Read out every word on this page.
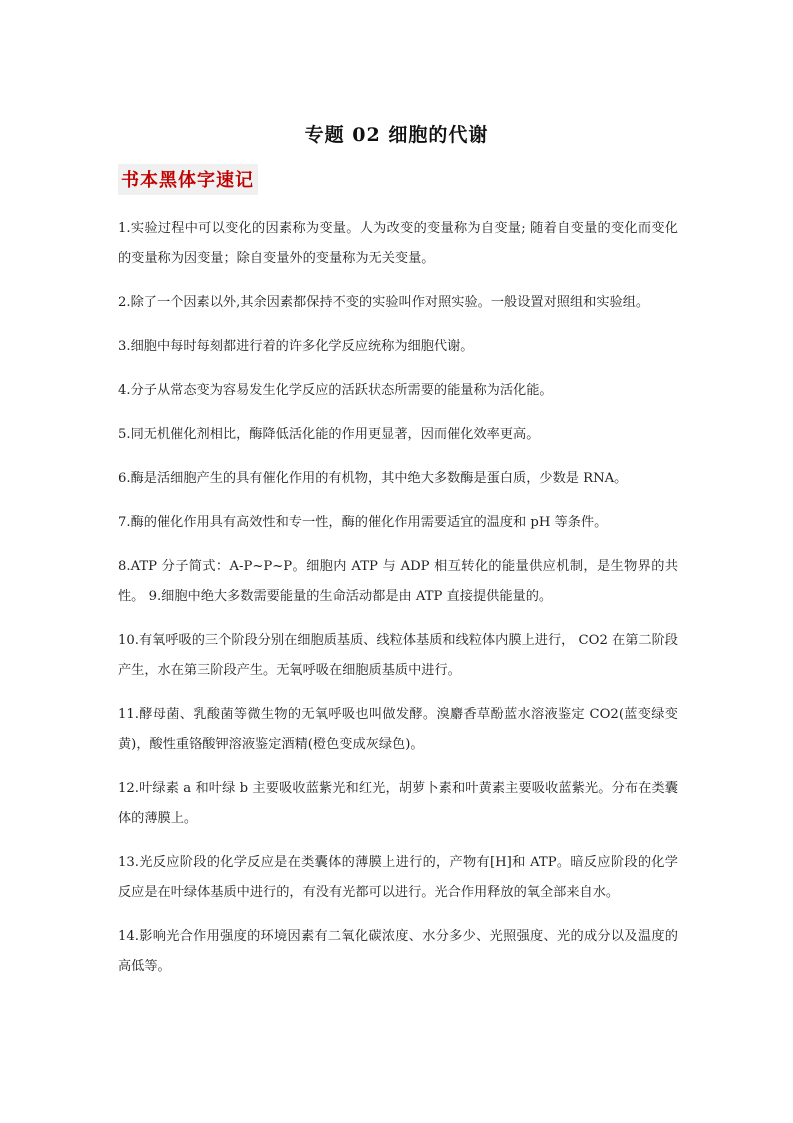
专题 02 细胞的代谢
书本黑体字速记

1.实验过程中可以变化的因素称为变量。人为改变的变量称为自变量; 随着自变量的变化而变化的变量称为因变量；除自变量外的变量称为无关变量。

2.除了一个因素以外,其余因素都保持不变的实验叫作对照实验。一般设置对照组和实验组。

3.细胞中每时每刻都进行着的许多化学反应统称为细胞代谢。

4.分子从常态变为容易发生化学反应的活跃状态所需要的能量称为活化能。

5.同无机催化剂相比，酶降低活化能的作用更显著，因而催化效率更高。

6.酶是活细胞产生的具有催化作用的有机物，其中绝大多数酶是蛋白质，少数是 RNA。

7.酶的催化作用具有高效性和专一性，酶的催化作用需要适宜的温度和 pH 等条件。

8.ATP 分子简式：A-P~P~P。细胞内 ATP 与 ADP 相互转化的能量供应机制，是生物界的共性。 9.细胞中绝大多数需要能量的生命活动都是由 ATP 直接提供能量的。

10.有氧呼吸的三个阶段分别在细胞质基质、线粒体基质和线粒体内膜上进行， CO2 在第二阶段产生，水在第三阶段产生。无氧呼吸在细胞质基质中进行。

11.酵母菌、乳酸菌等微生物的无氧呼吸也叫做发酵。溴麝香草酚蓝水溶液鉴定 CO2(蓝变绿变黄)，酸性重铬酸钾溶液鉴定酒精(橙色变成灰绿色)。

12.叶绿素 a 和叶绿 b 主要吸收蓝紫光和红光，胡萝卜素和叶黄素主要吸收蓝紫光。分布在类囊体的薄膜上。

13.光反应阶段的化学反应是在类囊体的薄膜上进行的，产物有[H]和 ATP。暗反应阶段的化学反应是在叶绿体基质中进行的，有没有光都可以进行。光合作用释放的氧全部来自水。

14.影响光合作用强度的环境因素有二氧化碳浓度、水分多少、光照强度、光的成分以及温度的高低等。
